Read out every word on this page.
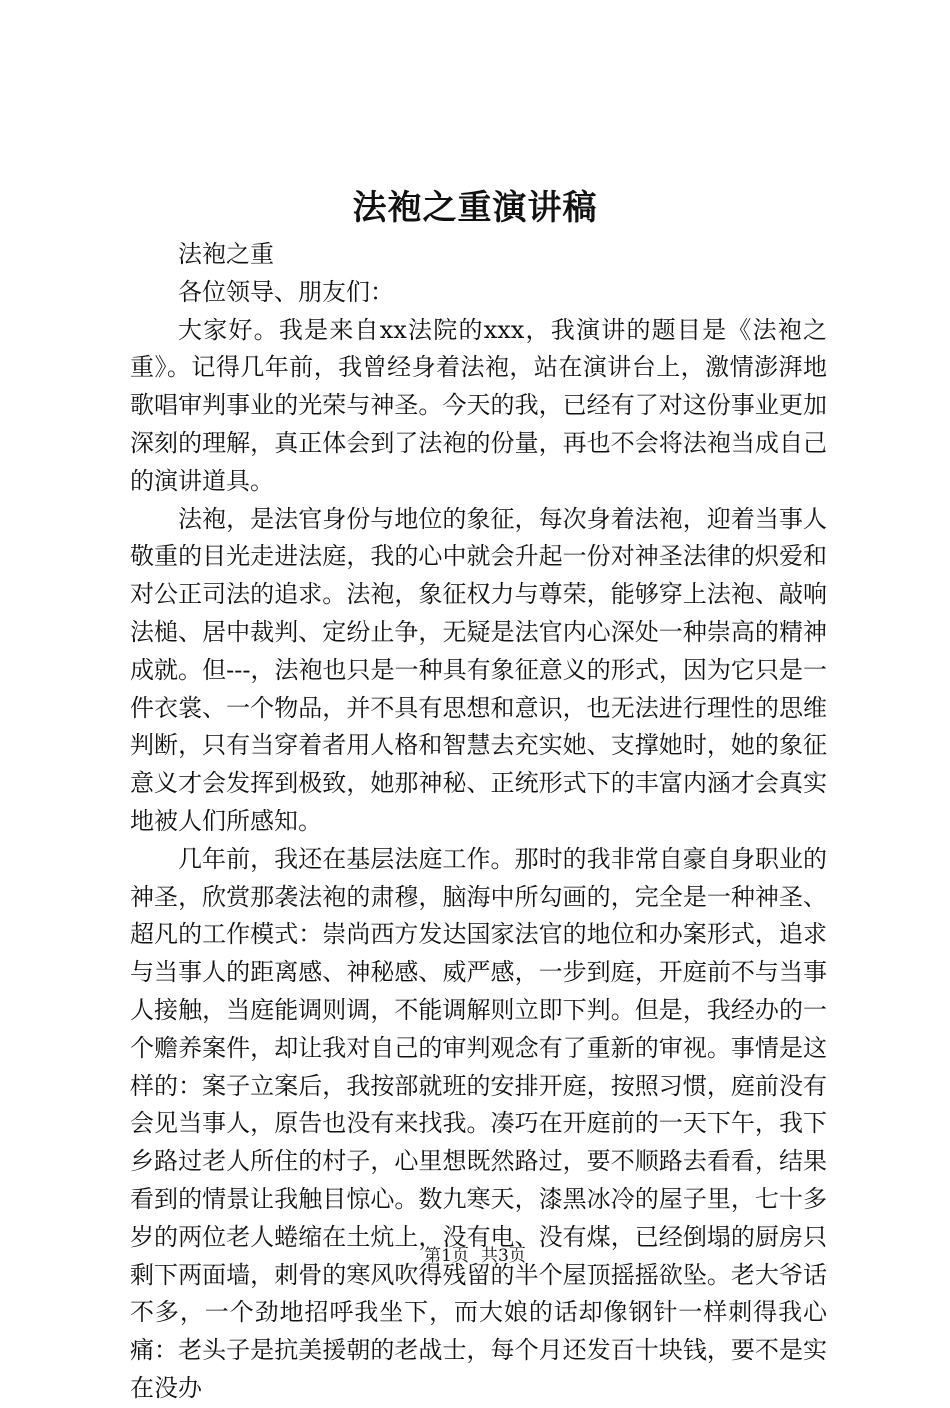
法袍之重演讲稿

法袍之重

各位领导、朋友们：

大家好。我是来自xx法院的xxx，我演讲的题目是《法袍之重》。记得几年前，我曾经身着法袍，站在演讲台上，激情澎湃地歌唱审判事业的光荣与神圣。今天的我，已经有了对这份事业更加深刻的理解，真正体会到了法袍的份量，再也不会将法袍当成自己的演讲道具。

法袍，是法官身份与地位的象征，每次身着法袍，迎着当事人敬重的目光走进法庭，我的心中就会升起一份对神圣法律的炽爱和对公正司法的追求。法袍，象征权力与尊荣，能够穿上法袍、敲响法槌、居中裁判、定纷止争，无疑是法官内心深处一种崇高的精神成就。但---，法袍也只是一种具有象征意义的形式，因为它只是一件衣裳、一个物品，并不具有思想和意识，也无法进行理性的思维判断，只有当穿着者用人格和智慧去充实她、支撑她时，她的象征意义才会发挥到极致，她那神秘、正统形式下的丰富内涵才会真实地被人们所感知。

几年前，我还在基层法庭工作。那时的我非常自豪自身职业的神圣，欣赏那袭法袍的肃穆，脑海中所勾画的，完全是一种神圣、超凡的工作模式：崇尚西方发达国家法官的地位和办案形式，追求与当事人的距离感、神秘感、威严感，一步到庭，开庭前不与当事人接触，当庭能调则调，不能调解则立即下判。但是，我经办的一个赡养案件，却让我对自己的审判观念有了重新的审视。事情是这样的：案子立案后，我按部就班的安排开庭，按照习惯，庭前没有会见当事人，原告也没有来找我。凑巧在开庭前的一天下午，我下乡路过老人所住的村子，心里想既然路过，要不顺路去看看，结果看到的情景让我触目惊心。数九寒天，漆黑冰冷的屋子里，七十多岁的两位老人蜷缩在土炕上，没有电、没有煤，已经倒塌的厨房只剩下两面墙，刺骨的寒风吹得残留的半个屋顶摇摇欲坠。老大爷话不多，一个劲地招呼我坐下，而大娘的话却像钢针一样刺得我心痛：老头子是抗美援朝的老战士，每个月还发百十块钱，要不是实在没办

第1页 共3页
